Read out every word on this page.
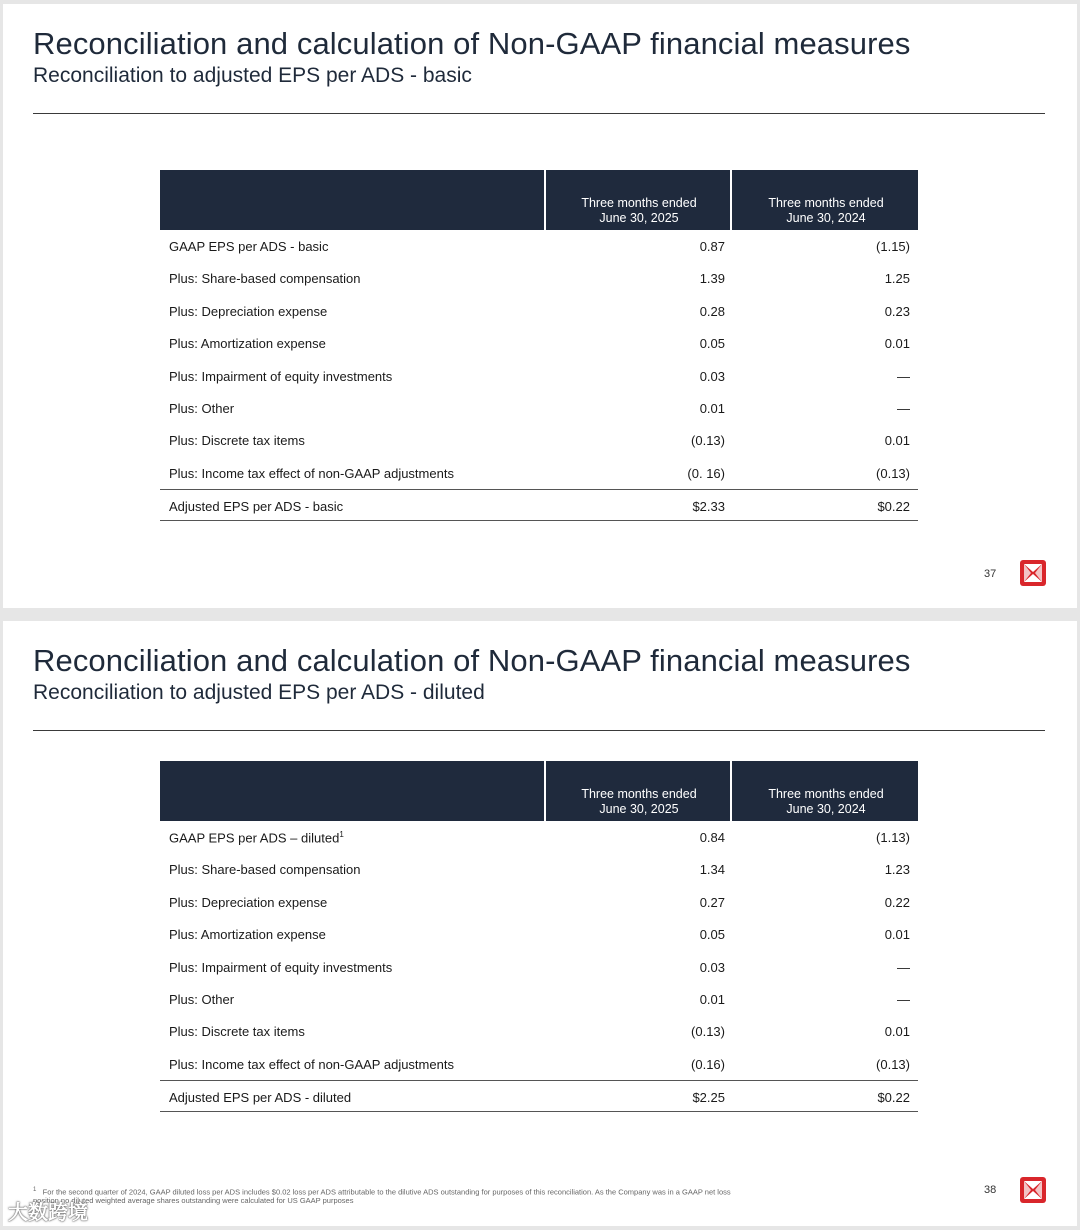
Reconciliation and calculation of Non-GAAP financial measures
Reconciliation to adjusted EPS per ADS - basic
Three months ended
June 30, 2025
Three months ended
June 30, 2024
GAAP EPS per ADS - basic	0.87	(1.15)
Plus: Share-based compensation	1.39	1.25
Plus: Depreciation expense	0.28	0.23
Plus: Amortization expense	0.05	0.01
Plus: Impairment of equity investments	0.03	—
Plus: Other	0.01	—
Plus: Discrete tax items	(0.13)	0.01
Plus: Income tax effect of non-GAAP adjustments	(0. 16)	(0.13)
Adjusted EPS per ADS - basic	$2.33	$0.22
37
Reconciliation and calculation of Non-GAAP financial measures
Reconciliation to adjusted EPS per ADS - diluted
Three months ended
June 30, 2025
Three months ended
June 30, 2024
GAAP EPS per ADS – diluted$^1$	0.84	(1.13)
Plus: Share-based compensation	1.34	1.23
Plus: Depreciation expense	0.27	0.22
Plus: Amortization expense	0.05	0.01
Plus: Impairment of equity investments	0.03	—
Plus: Other	0.01	—
Plus: Discrete tax items	(0.13)	0.01
Plus: Income tax effect of non-GAAP adjustments	(0.16)	(0.13)
Adjusted EPS per ADS - diluted	$2.25	$0.22
$^1$ For the second quarter of 2024, GAAP diluted loss per ADS includes $0.02 loss per ADS attributable to the dilutive ADS outstanding for purposes of this reconciliation. As the Company was in a GAAP net loss position no diluted weighted average shares outstanding were calculated for US GAAP purposes
38
大数跨境
